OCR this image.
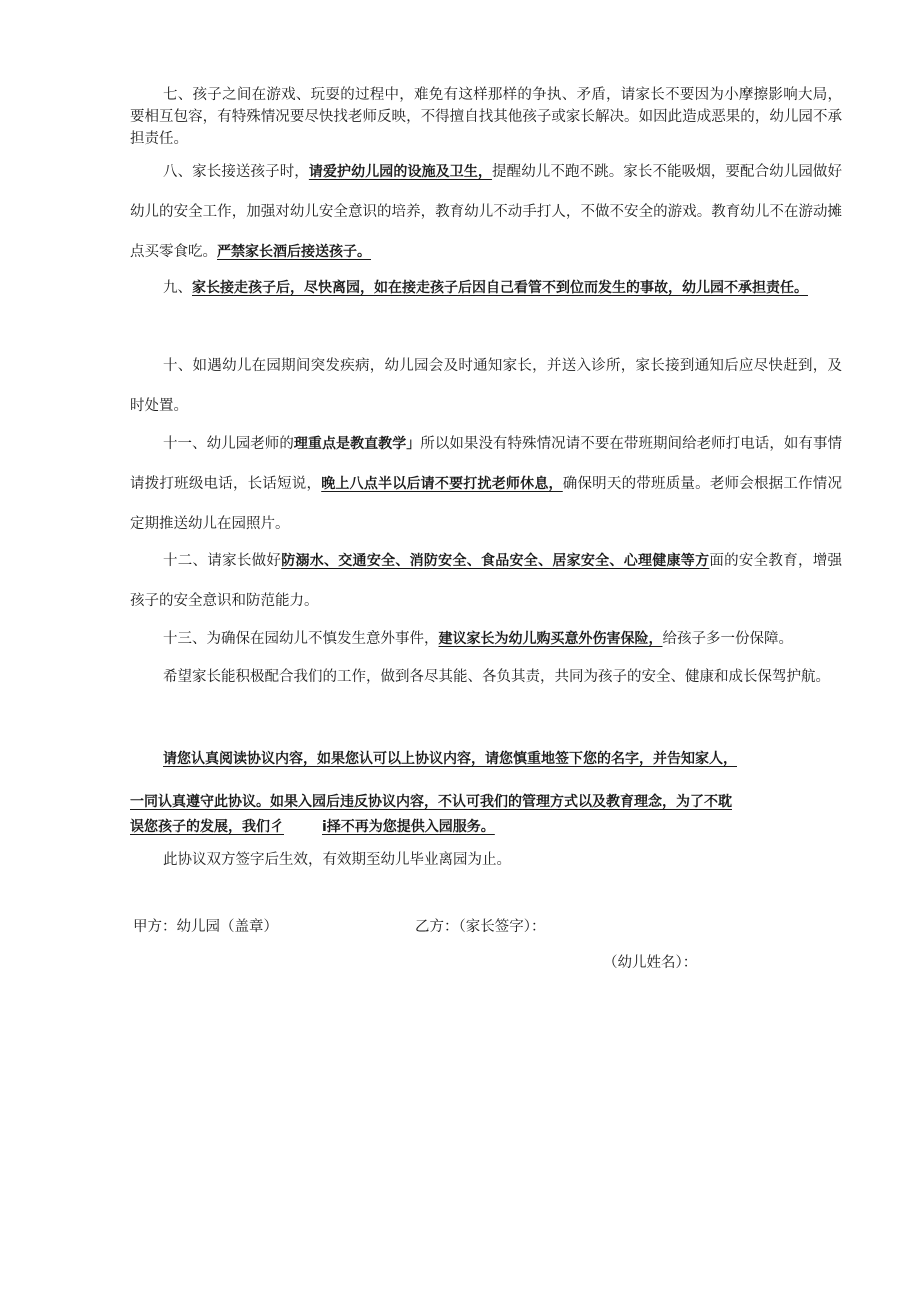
七、孩子之间在游戏、玩耍的过程中，难免有这样那样的争执、矛盾，请家长不要因为小摩擦影响大局，要相互包容，有特殊情况要尽快找老师反映，不得擅自找其他孩子或家长解决。如因此造成恶果的，幼儿园不承担责任。

八、家长接送孩子时，请爱护幼儿园的设施及卫生，提醒幼儿不跑不跳。家长不能吸烟，要配合幼儿园做好幼儿的安全工作，加强对幼儿安全意识的培养，教育幼儿不动手打人，不做不安全的游戏。教育幼儿不在游动摊点买零食吃。严禁家长酒后接送孩子。

九、家长接走孩子后，尽快离园，如在接走孩子后因自己看管不到位而发生的事故，幼儿园不承担责任。

十、如遇幼儿在园期间突发疾病，幼儿园会及时通知家长，并送入诊所，家长接到通知后应尽快赶到，及时处置。

十一、幼儿园老师的理重点是教直教学」所以如果没有特殊情况请不要在带班期间给老师打电话，如有事情请拨打班级电话，长话短说，晚上八点半以后请不要打扰老师休息，确保明天的带班质量。老师会根据工作情况定期推送幼儿在园照片。

十二、请家长做好防溺水、交通安全、消防安全、食品安全、居家安全、心理健康等方面的安全教育，增强孩子的安全意识和防范能力。

十三、为确保在园幼儿不慎发生意外事件，建议家长为幼儿购买意外伤害保险，给孩子多一份保障。

希望家长能积极配合我们的工作，做到各尽其能、各负其责，共同为孩子的安全、健康和成长保驾护航。

请您认真阅读协议内容，如果您认可以上协议内容，请您慎重地签下您的名字，并告知家人，

一同认真遵守此协议。如果入园后违反协议内容，不认可我们的管理方式以及教育理念，为了不耽

误您孩子的发展，我们彳	i择不再为您提供入园服务。

此协议双方签字后生效，有效期至幼儿毕业离园为止。

甲方：幼儿园（盖章）	乙方：（家长签字）：

（幼儿姓名）：
